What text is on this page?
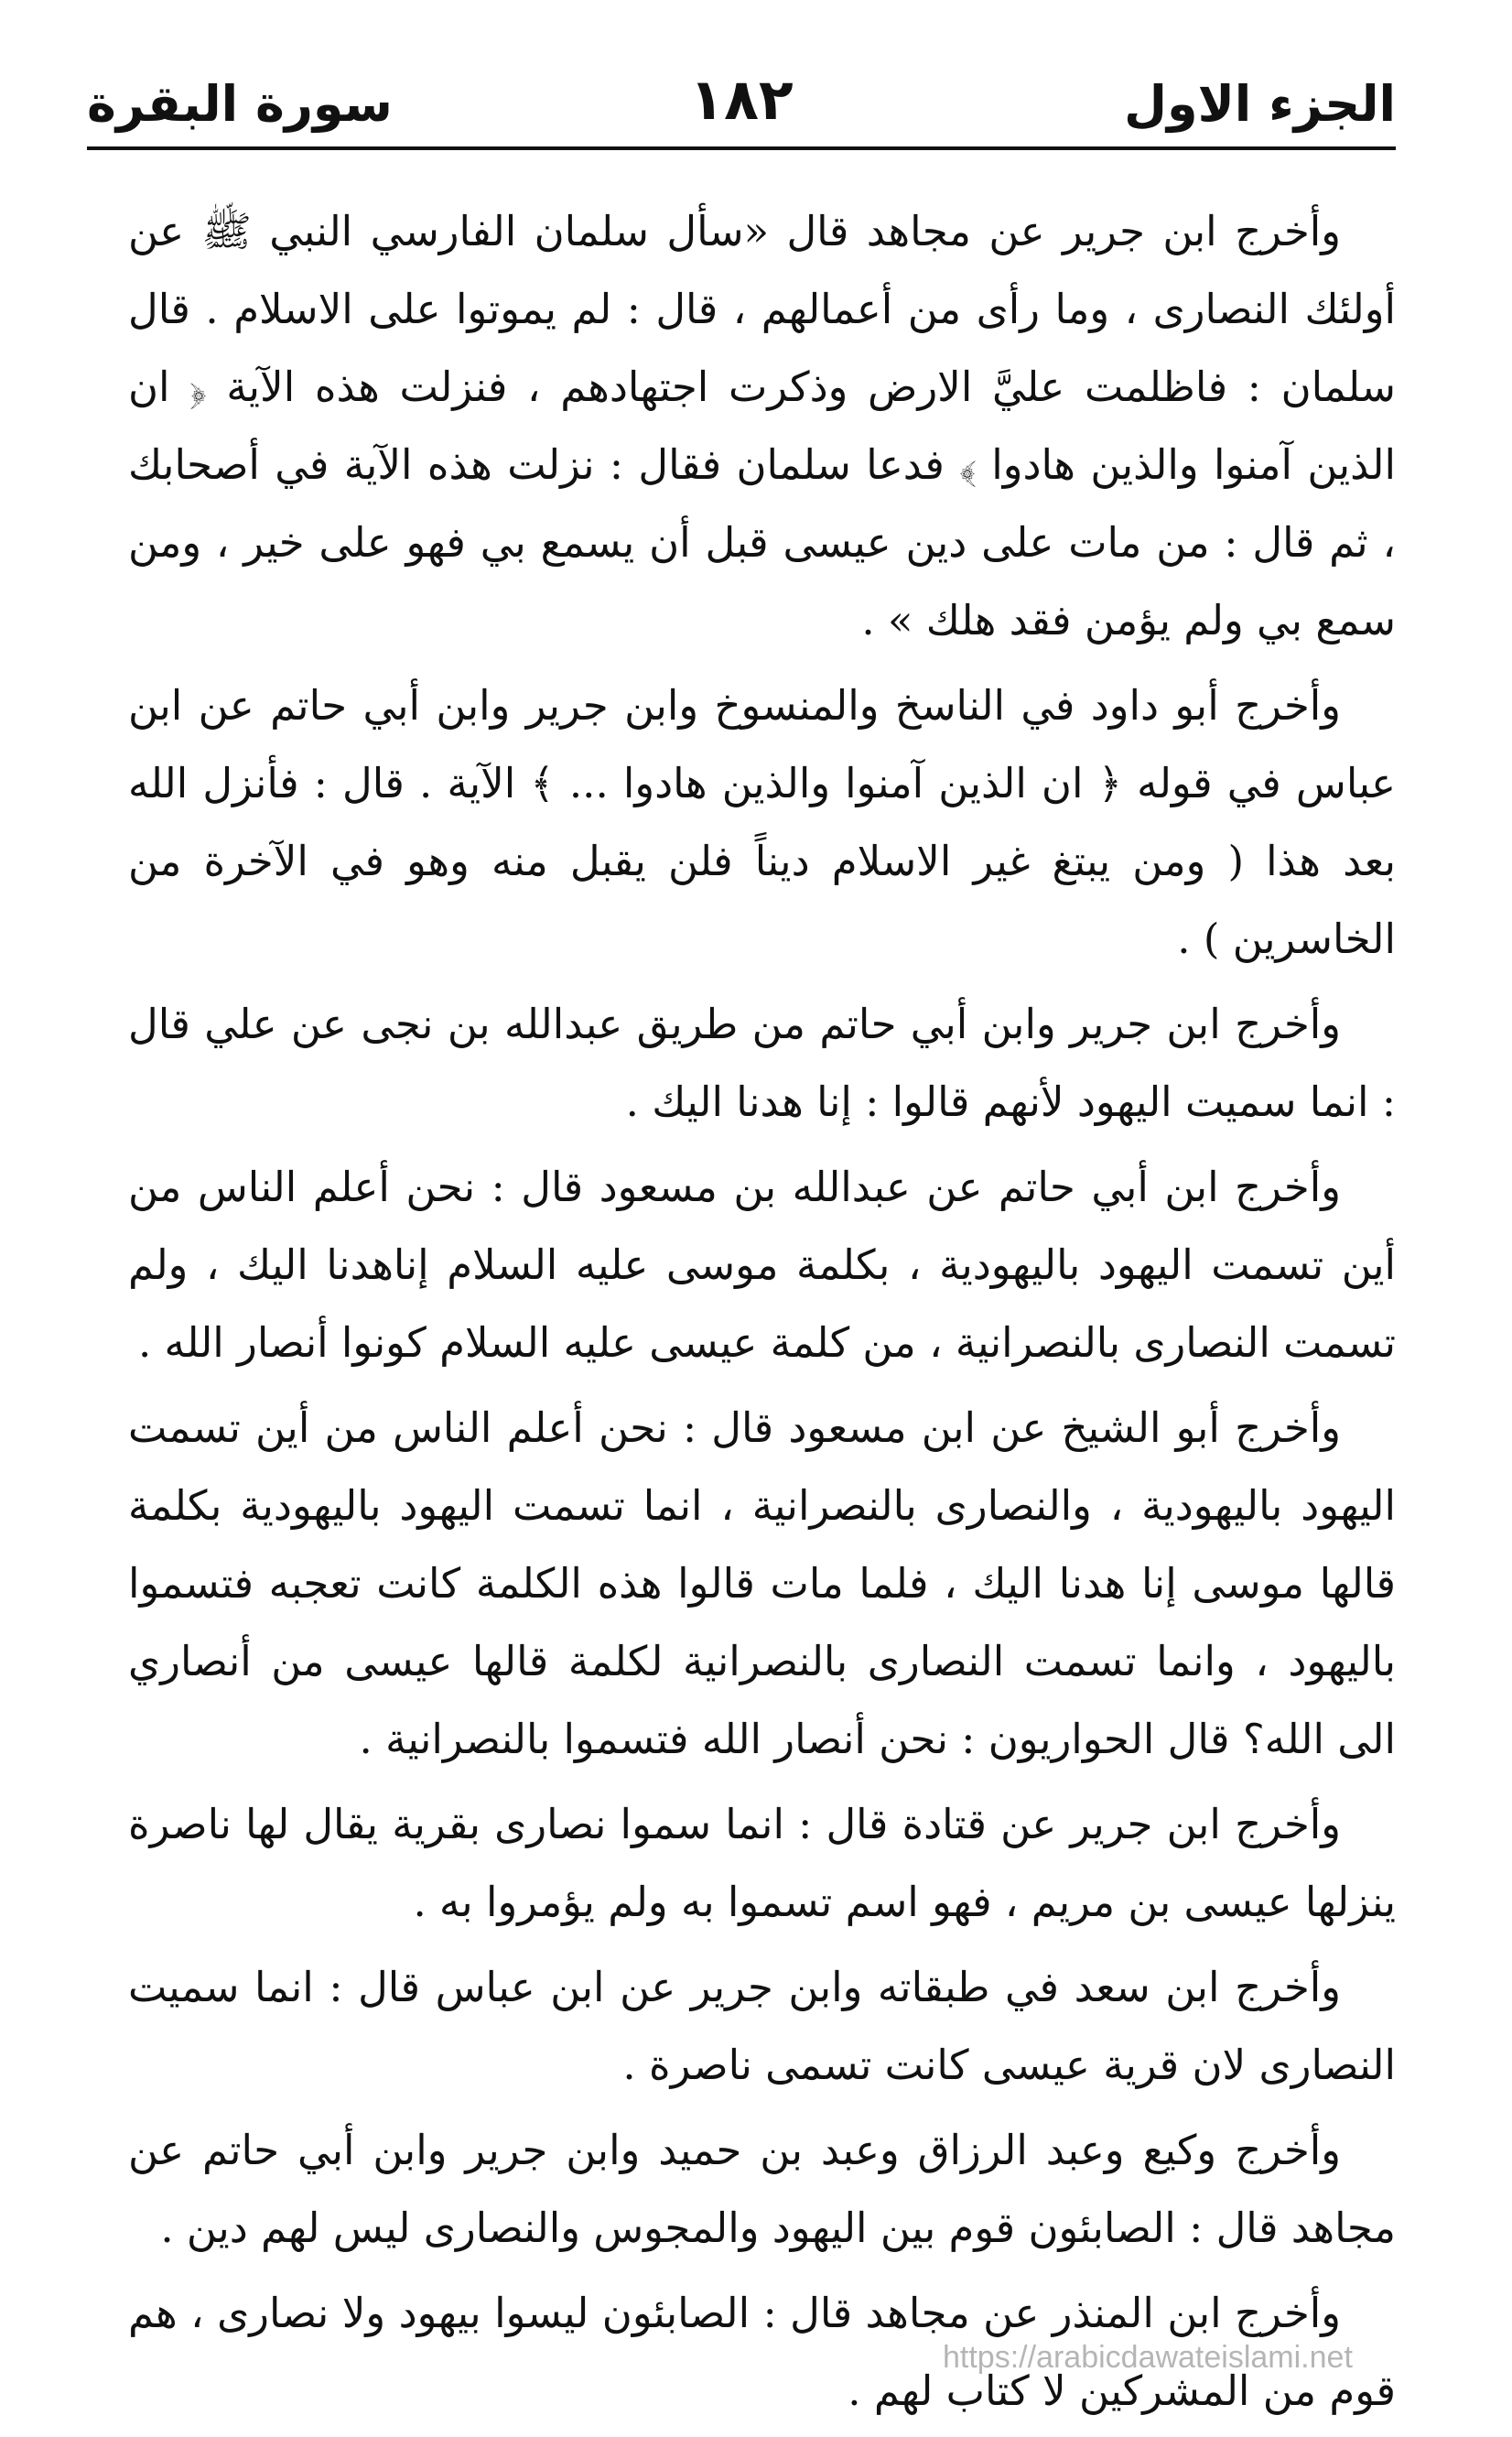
الجزء الاول
١٨٢
سورة البقرة

وأخرج ابن جرير عن مجاهد قال «سأل سلمان الفارسي النبي ﷺ عن أولئك النصارى ، وما رأى من أعمالهم ، قال : لم يموتوا على الاسلام . قال سلمان : فاظلمت عليَّ الارض وذكرت اجتهادهم ، فنزلت هذه الآية ﴿ ان الذين آمنوا والذين هادوا ﴾ فدعا سلمان فقال : نزلت هذه الآية في أصحابك ، ثم قال : من مات على دين عيسى قبل أن يسمع بي فهو على خير ، ومن سمع بي ولم يؤمن فقد هلك » .

وأخرج أبو داود في الناسخ والمنسوخ وابن جرير وابن أبي حاتم عن ابن عباس في قوله ﴿ ان الذين آمنوا والذين هادوا ... ﴾ الآية . قال : فأنزل الله بعد هذا ( ومن يبتغ غير الاسلام ديناً فلن يقبل منه وهو في الآخرة من الخاسرين ) .

وأخرج ابن جرير وابن أبي حاتم من طريق عبدالله بن نجى عن علي قال : انما سميت اليهود لأنهم قالوا : إنا هدنا اليك .

وأخرج ابن أبي حاتم عن عبدالله بن مسعود قال : نحن أعلم الناس من أين تسمت اليهود باليهودية ، بكلمة موسى عليه السلام إناهدنا اليك ، ولم تسمت النصارى بالنصرانية ، من كلمة عيسى عليه السلام كونوا أنصار الله .

وأخرج أبو الشيخ عن ابن مسعود قال : نحن أعلم الناس من أين تسمت اليهود باليهودية ، والنصارى بالنصرانية ، انما تسمت اليهود باليهودية بكلمة قالها موسى إنا هدنا اليك ، فلما مات قالوا هذه الكلمة كانت تعجبه فتسموا باليهود ، وانما تسمت النصارى بالنصرانية لكلمة قالها عيسى من أنصاري الى الله؟ قال الحواريون : نحن أنصار الله فتسموا بالنصرانية .

وأخرج ابن جرير عن قتادة قال : انما سموا نصارى بقرية يقال لها ناصرة ينزلها عيسى بن مريم ، فهو اسم تسموا به ولم يؤمروا به .

وأخرج ابن سعد في طبقاته وابن جرير عن ابن عباس قال : انما سميت النصارى لان قرية عيسى كانت تسمى ناصرة .

وأخرج وكيع وعبد الرزاق وعبد بن حميد وابن جرير وابن أبي حاتم عن مجاهد قال : الصابئون قوم بين اليهود والمجوس والنصارى ليس لهم دين .

وأخرج ابن المنذر عن مجاهد قال : الصابئون ليسوا بيهود ولا نصارى ، هم قوم من المشركين لا كتاب لهم .

https://arabicdawateislami.net
